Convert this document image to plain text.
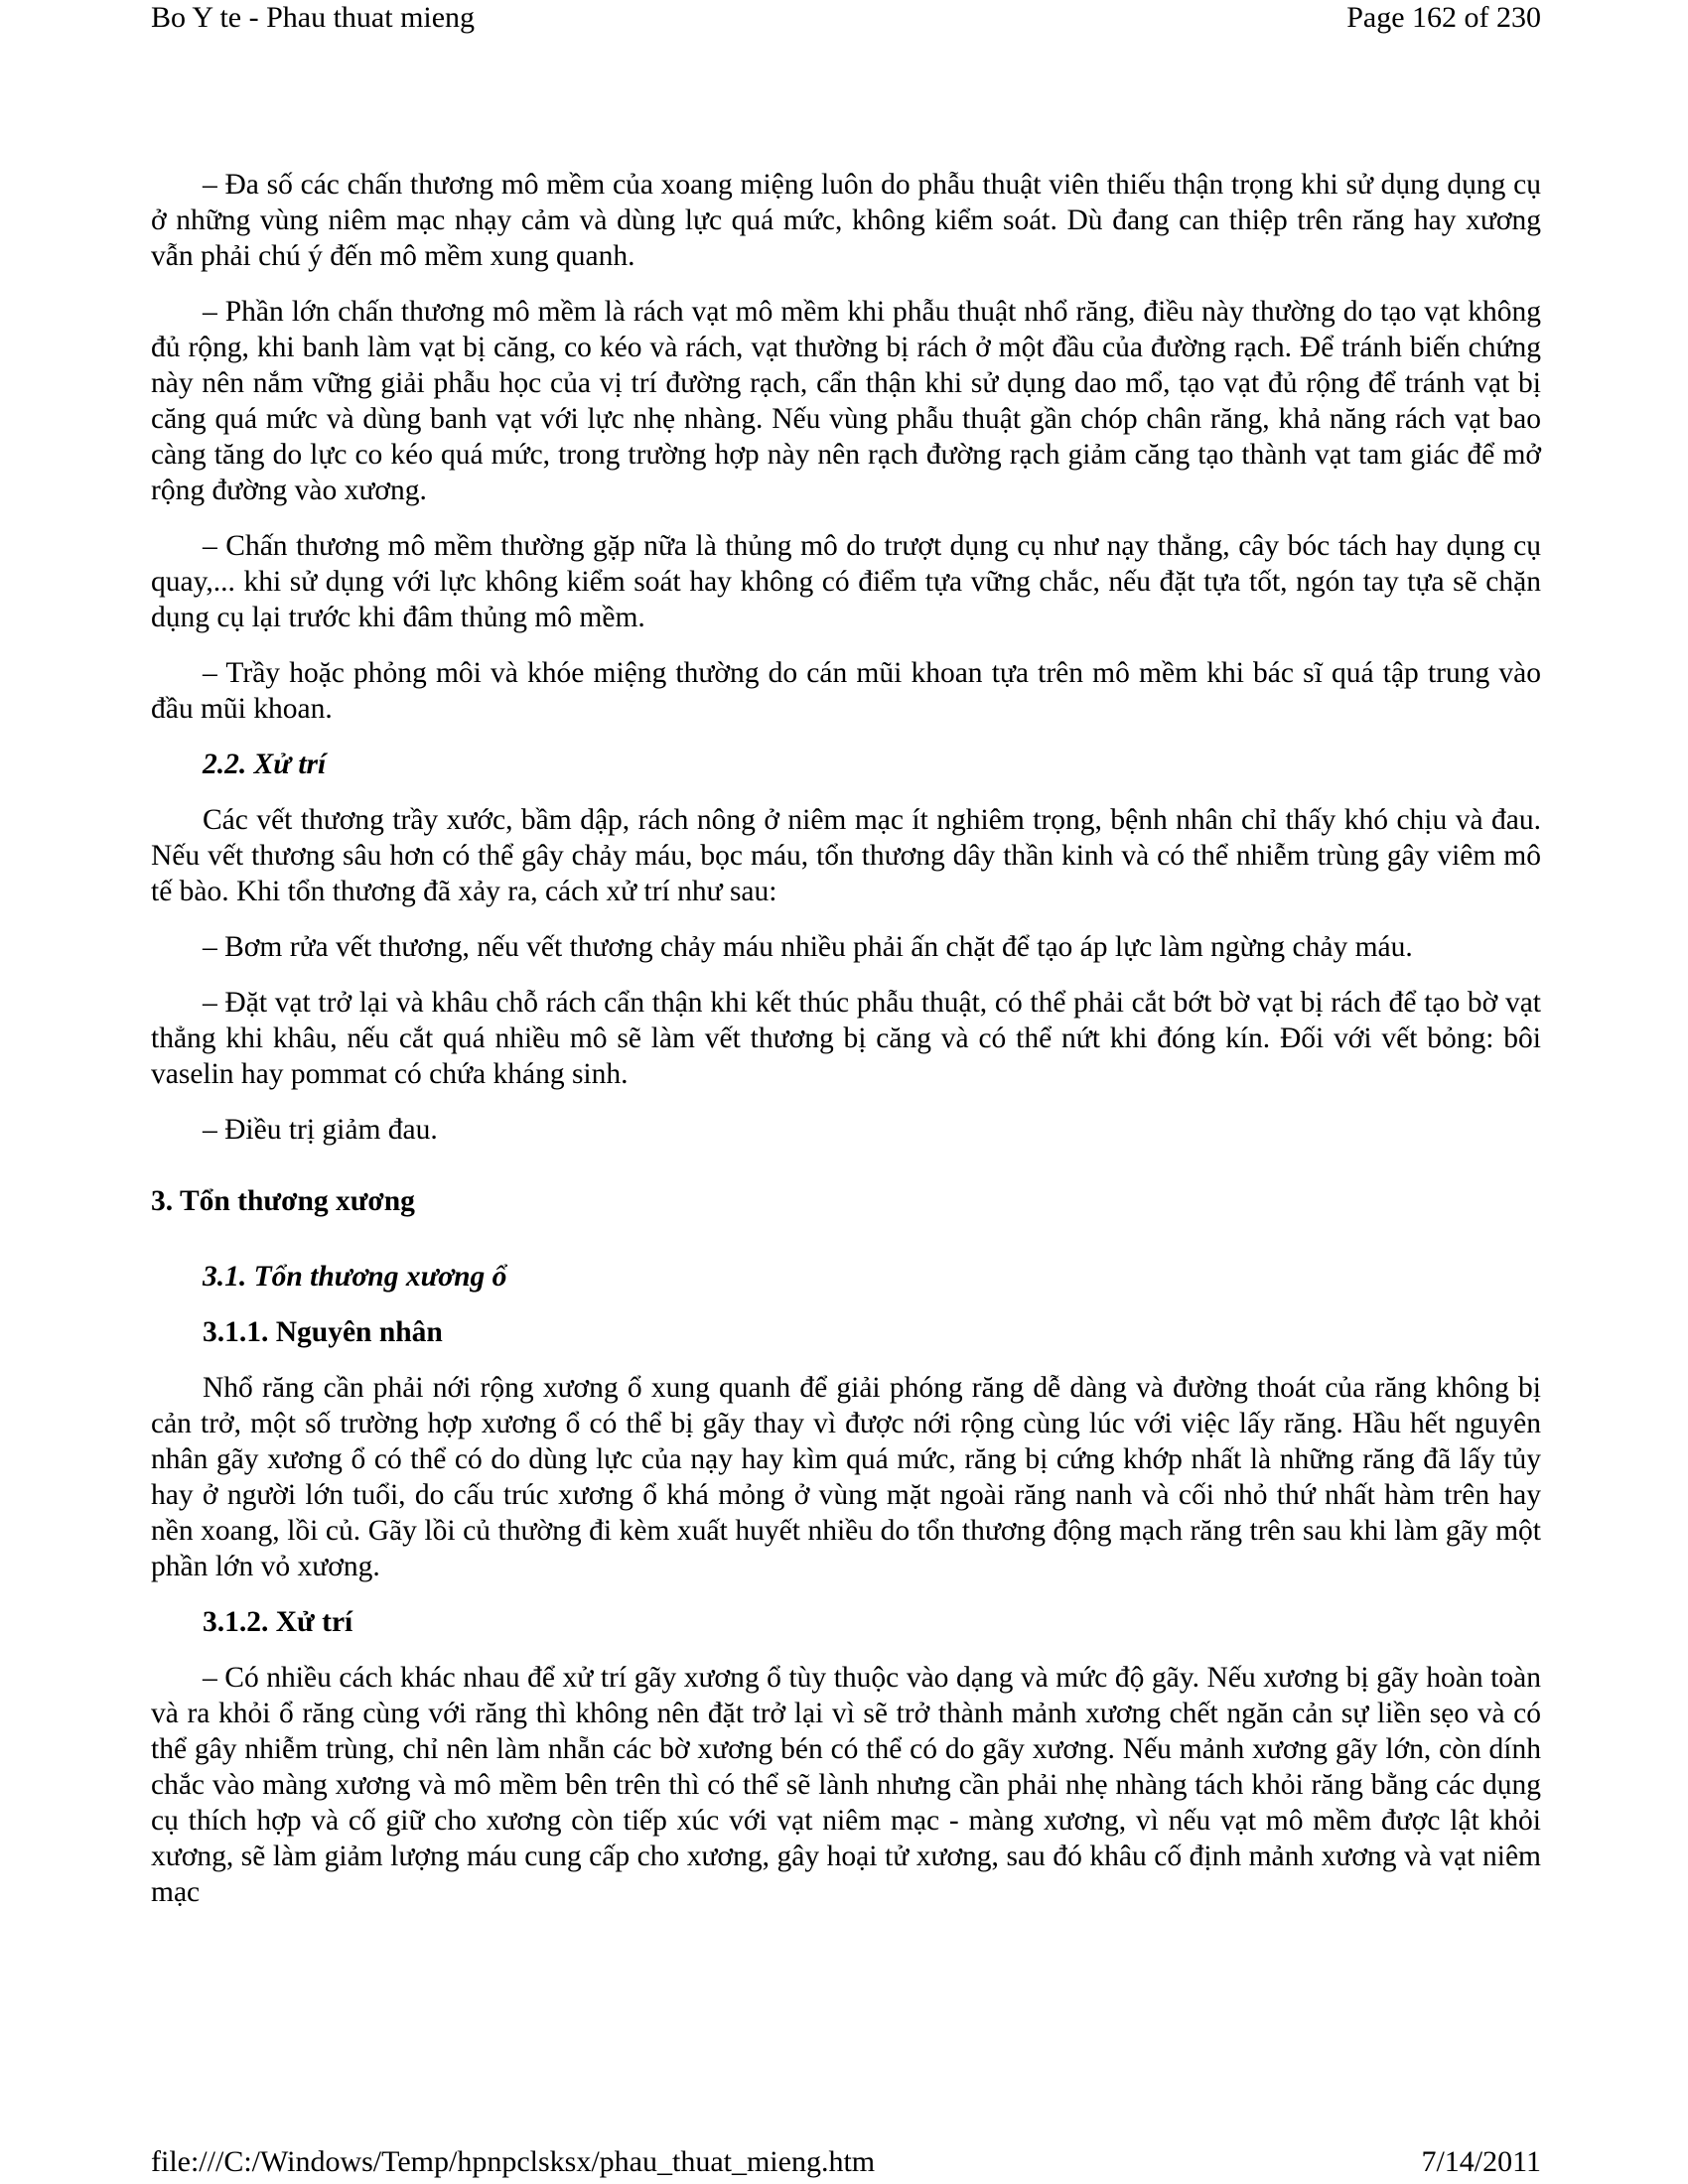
Bo Y te - Phau thuat mieng	Page 162 of 230

– Đa số các chấn thương mô mềm của xoang miệng luôn do phẫu thuật viên thiếu thận trọng khi sử dụng dụng cụ ở những vùng niêm mạc nhạy cảm và dùng lực quá mức, không kiểm soát. Dù đang can thiệp trên răng hay xương vẫn phải chú ý đến mô mềm xung quanh.

– Phần lớn chấn thương mô mềm là rách vạt mô mềm khi phẫu thuật nhổ răng, điều này thường do tạo vạt không đủ rộng, khi banh làm vạt bị căng, co kéo và rách, vạt thường bị rách ở một đầu của đường rạch. Để tránh biến chứng này nên nắm vững giải phẫu học của vị trí đường rạch, cẩn thận khi sử dụng dao mổ, tạo vạt đủ rộng để tránh vạt bị căng quá mức và dùng banh vạt với lực nhẹ nhàng. Nếu vùng phẫu thuật gần chóp chân răng, khả năng rách vạt bao càng tăng do lực co kéo quá mức, trong trường hợp này nên rạch đường rạch giảm căng tạo thành vạt tam giác để mở rộng đường vào xương.

– Chấn thương mô mềm thường gặp nữa là thủng mô do trượt dụng cụ như nạy thẳng, cây bóc tách hay dụng cụ quay,... khi sử dụng với lực không kiểm soát hay không có điểm tựa vững chắc, nếu đặt tựa tốt, ngón tay tựa sẽ chặn dụng cụ lại trước khi đâm thủng mô mềm.

– Trầy hoặc phỏng môi và khóe miệng thường do cán mũi khoan tựa trên mô mềm khi bác sĩ quá tập trung vào đầu mũi khoan.

2.2. Xử trí

Các vết thương trầy xước, bầm dập, rách nông ở niêm mạc ít nghiêm trọng, bệnh nhân chỉ thấy khó chịu và đau. Nếu vết thương sâu hơn có thể gây chảy máu, bọc máu, tổn thương dây thần kinh và có thể nhiễm trùng gây viêm mô tế bào. Khi tổn thương đã xảy ra, cách xử trí như sau:

– Bơm rửa vết thương, nếu vết thương chảy máu nhiều phải ấn chặt để tạo áp lực làm ngừng chảy máu.

– Đặt vạt trở lại và khâu chỗ rách cẩn thận khi kết thúc phẫu thuật, có thể phải cắt bớt bờ vạt bị rách để tạo bờ vạt thẳng khi khâu, nếu cắt quá nhiều mô sẽ làm vết thương bị căng và có thể nứt khi đóng kín. Đối với vết bỏng: bôi vaselin hay pommat có chứa kháng sinh.

– Điều trị giảm đau.

3. Tổn thương xương
3.1. Tổn thương xương ổ
3.1.1. Nguyên nhân

Nhổ răng cần phải nới rộng xương ổ xung quanh để giải phóng răng dễ dàng và đường thoát của răng không bị cản trở, một số trường hợp xương ổ có thể bị gãy thay vì được nới rộng cùng lúc với việc lấy răng. Hầu hết nguyên nhân gãy xương ổ có thể có do dùng lực của nạy hay kìm quá mức, răng bị cứng khớp nhất là những răng đã lấy tủy hay ở người lớn tuổi, do cấu trúc xương ổ khá mỏng ở vùng mặt ngoài răng nanh và cối nhỏ thứ nhất hàm trên hay nền xoang, lồi củ. Gãy lồi củ thường đi kèm xuất huyết nhiều do tổn thương động mạch răng trên sau khi làm gãy một phần lớn vỏ xương.

3.1.2. Xử trí

– Có nhiều cách khác nhau để xử trí gãy xương ổ tùy thuộc vào dạng và mức độ gãy. Nếu xương bị gãy hoàn toàn và ra khỏi ổ răng cùng với răng thì không nên đặt trở lại vì sẽ trở thành mảnh xương chết ngăn cản sự liền sẹo và có thể gây nhiễm trùng, chỉ nên làm nhẵn các bờ xương bén có thể có do gãy xương. Nếu mảnh xương gãy lớn, còn dính chắc vào màng xương và mô mềm bên trên thì có thể sẽ lành nhưng cần phải nhẹ nhàng tách khỏi răng bằng các dụng cụ thích hợp và cố giữ cho xương còn tiếp xúc với vạt niêm mạc - màng xương, vì nếu vạt mô mềm được lật khỏi xương, sẽ làm giảm lượng máu cung cấp cho xương, gây hoại tử xương, sau đó khâu cố định mảnh xương và vạt niêm mạc

file:///C:/Windows/Temp/hpnpclsksx/phau_thuat_mieng.htm	7/14/2011
